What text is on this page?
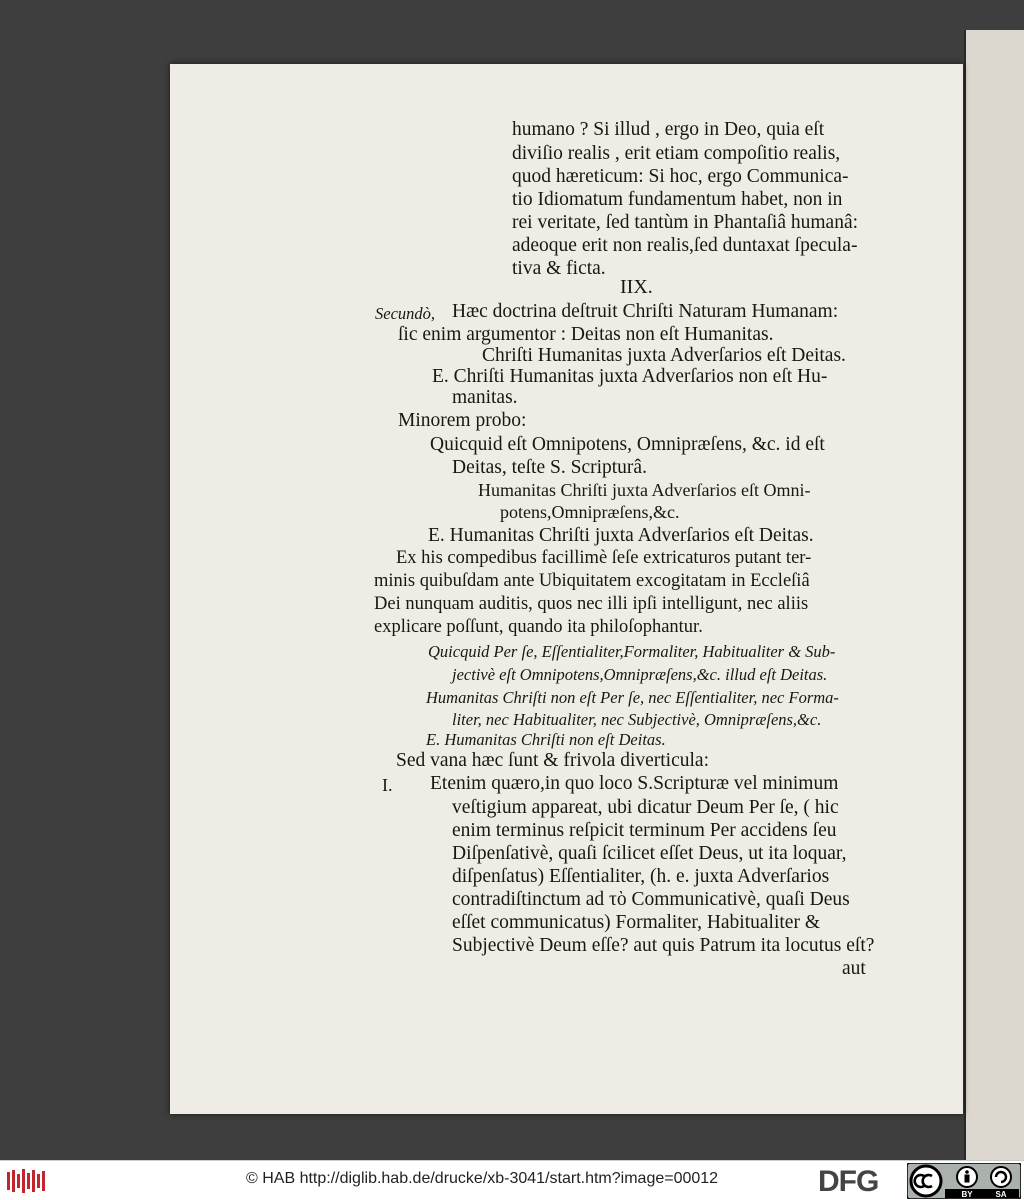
humano ? Si illud , ergo in Deo, quia eſt
diviſio realis , erit etiam compoſitio realis,
quod hæreticum: Si hoc, ergo Communica-
tio Idiomatum fundamentum habet, non in
rei veritate, ſed tantùm in Phantaſiâ humanâ:
adeoque erit non realis,ſed duntaxat ſpecula-
tiva & ficta.
IIX.
Secundò, Hæc doctrina deſtruit Chriſti Naturam Humanam:
ſic enim argumentor : Deitas non eſt Humanitas.
Chriſti Humanitas juxta Adverſarios eſt Deitas.
E. Chriſti Humanitas juxta Adverſarios non eſt Hu-
manitas.
Minorem probo:
Quicquid eſt Omnipotens, Omnipræſens, &c. id eſt
Deitas, teſte S. Scripturâ.
Humanitas Chriſti juxta Adverſarios eſt Omni-
potens,Omnipræſens,&c.
E. Humanitas Chriſti juxta Adverſarios eſt Deitas.
Ex his compedibus facillimè ſeſe extricaturos putant ter-
minis quibuſdam ante Ubiquitatem excogitatam in Eccleſiâ
Dei nunquam auditis, quos nec illi ipſi intelligunt, nec aliis
explicare poſſunt, quando ita philoſophantur.
Quicquid Per ſe, Eſſentialiter,Formaliter, Habitualiter & Sub-
jectivè eſt Omnipotens,Omnipræſens,&c. illud eſt Deitas.
Humanitas Chriſti non eſt Per ſe, nec Eſſentialiter, nec Forma-
liter, nec Habitualiter, nec Subjectivè, Omnipræſens,&c.
E. Humanitas Chriſti non eſt Deitas.
Sed vana hæc ſunt & frivola diverticula:
I. Etenim quæro,in quo loco S.Scripturæ vel minimum
veſtigium appareat, ubi dicatur Deum Per ſe, ( hic
enim terminus reſpicit terminum Per accidens ſeu
Diſpenſativè, quaſi ſcilicet eſſet Deus, ut ita loquar,
diſpenſatus) Eſſentialiter, (h. e. juxta Adverſarios
contradiſtinctum ad τὸ Communicativè, quaſi Deus
eſſet communicatus) Formaliter, Habitualiter &
Subjectivè Deum eſſe? aut quis Patrum ita locutus eſt?
aut
© HAB http://diglib.hab.de/drucke/xb-3041/start.htm?image=00012	DFG	BY	SA
